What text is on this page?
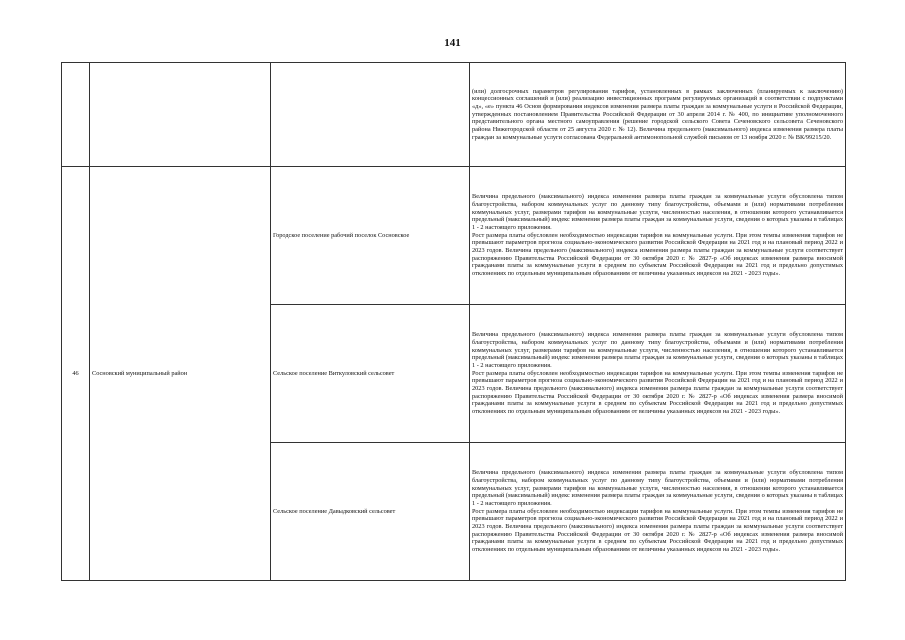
141
			(или) долгосрочных параметров регулирования тарифов, установленных в рамках заключенных (планируемых к заключению) концессионных соглашений и (или) реализацию инвестиционных программ регулируемых организаций в соответствии с подпунктами «д», «е» пункта 46 Основ формирования индексов изменения размера платы граждан за коммунальные услуги в Российской Федерации, утвержденных постановлением Правительства Российской Федерации от 30 апреля 2014 г. № 400, по инициативе уполномоченного представительного органа местного самоуправления (решение городской сельского Совета Сеченовского сельсовета Сеченовского района Нижегородской области от 25 августа 2020 г. № 12). Величина предельного (максимального) индекса изменения размера платы граждан за коммунальные услуги согласована Федеральной антимонопольной службой письмом от 13 ноября 2020 г. № ВК/99215/20.
46	Сосновский муниципальный район	Городское поселение рабочий поселок Сосновское	Величина предельного (максимального) индекса изменения размера платы граждан за коммунальные услуги обусловлена типом благоустройства, набором коммунальных услуг по данному типу благоустройства, объемами и (или) нормативами потребления коммунальных услуг, размерами тарифов на коммунальные услуги, численностью населения, в отношении которого устанавливается предельный (максимальный) индекс изменения размера платы граждан за коммунальные услуги, сведения о которых указаны в таблицах 1 - 2 настоящего приложения.

Рост размера платы обусловлен необходимостью индексации тарифов на коммунальные услуги. При этом темпы изменения тарифов не превышают параметров прогноза социально-экономического развития Российской Федерации на 2021 год и на плановый период 2022 и 2023 годов. Величина предельного (максимального) индекса изменения размера платы граждан за коммунальные услуги соответствует распоряжению Правительства Российской Федерации от 30 октября 2020 г. № 2827-р «Об индексах изменения размера вносимой гражданами платы за коммунальные услуги в среднем по субъектам Российской Федерации на 2021 год и предельно допустимых отклонениях по отдельным муниципальным образованиям от величины указанных индексов на 2021 - 2023 годы».

		Сельское поселение Виткуловский сельсовет	Величина предельного (максимального) индекса изменения размера платы граждан за коммунальные услуги обусловлена типом благоустройства, набором коммунальных услуг по данному типу благоустройства, объемами и (или) нормативами потребления коммунальных услуг, размерами тарифов на коммунальные услуги, численностью населения, в отношении которого устанавливается предельный (максимальный) индекс изменения размера платы граждан за коммунальные услуги, сведения о которых указаны в таблицах 1 - 2 настоящего приложения.

Рост размера платы обусловлен необходимостью индексации тарифов на коммунальные услуги. При этом темпы изменения тарифов не превышают параметров прогноза социально-экономического развития Российской Федерации на 2021 год и на плановый период 2022 и 2023 годов. Величина предельного (максимального) индекса изменения размера платы граждан за коммунальные услуги соответствует распоряжению Правительства Российской Федерации от 30 октября 2020 г. № 2827-р «Об индексах изменения размера вносимой гражданами платы за коммунальные услуги в среднем по субъектам Российской Федерации на 2021 год и предельно допустимых отклонениях по отдельным муниципальным образованиям от величины указанных индексов на 2021 - 2023 годы».

		Сельское поселение Давыдковский сельсовет	Величина предельного (максимального) индекса изменения размера платы граждан за коммунальные услуги обусловлена типом благоустройства, набором коммунальных услуг по данному типу благоустройства, объемами и (или) нормативами потребления коммунальных услуг, размерами тарифов на коммунальные услуги, численностью населения, в отношении которого устанавливается предельный (максимальный) индекс изменения размера платы граждан за коммунальные услуги, сведения о которых указаны в таблицах 1 - 2 настоящего приложения.

Рост размера платы обусловлен необходимостью индексации тарифов на коммунальные услуги. При этом темпы изменения тарифов не превышают параметров прогноза социально-экономического развития Российской Федерации на 2021 год и на плановый период 2022 и 2023 годов. Величина предельного (максимального) индекса изменения размера платы граждан за коммунальные услуги соответствует распоряжению Правительства Российской Федерации от 30 октября 2020 г. № 2827-р «Об индексах изменения размера вносимой гражданами платы за коммунальные услуги в среднем по субъектам Российской Федерации на 2021 год и предельно допустимых отклонениях по отдельным муниципальным образованиям от величины указанных индексов на 2021 - 2023 годы».
